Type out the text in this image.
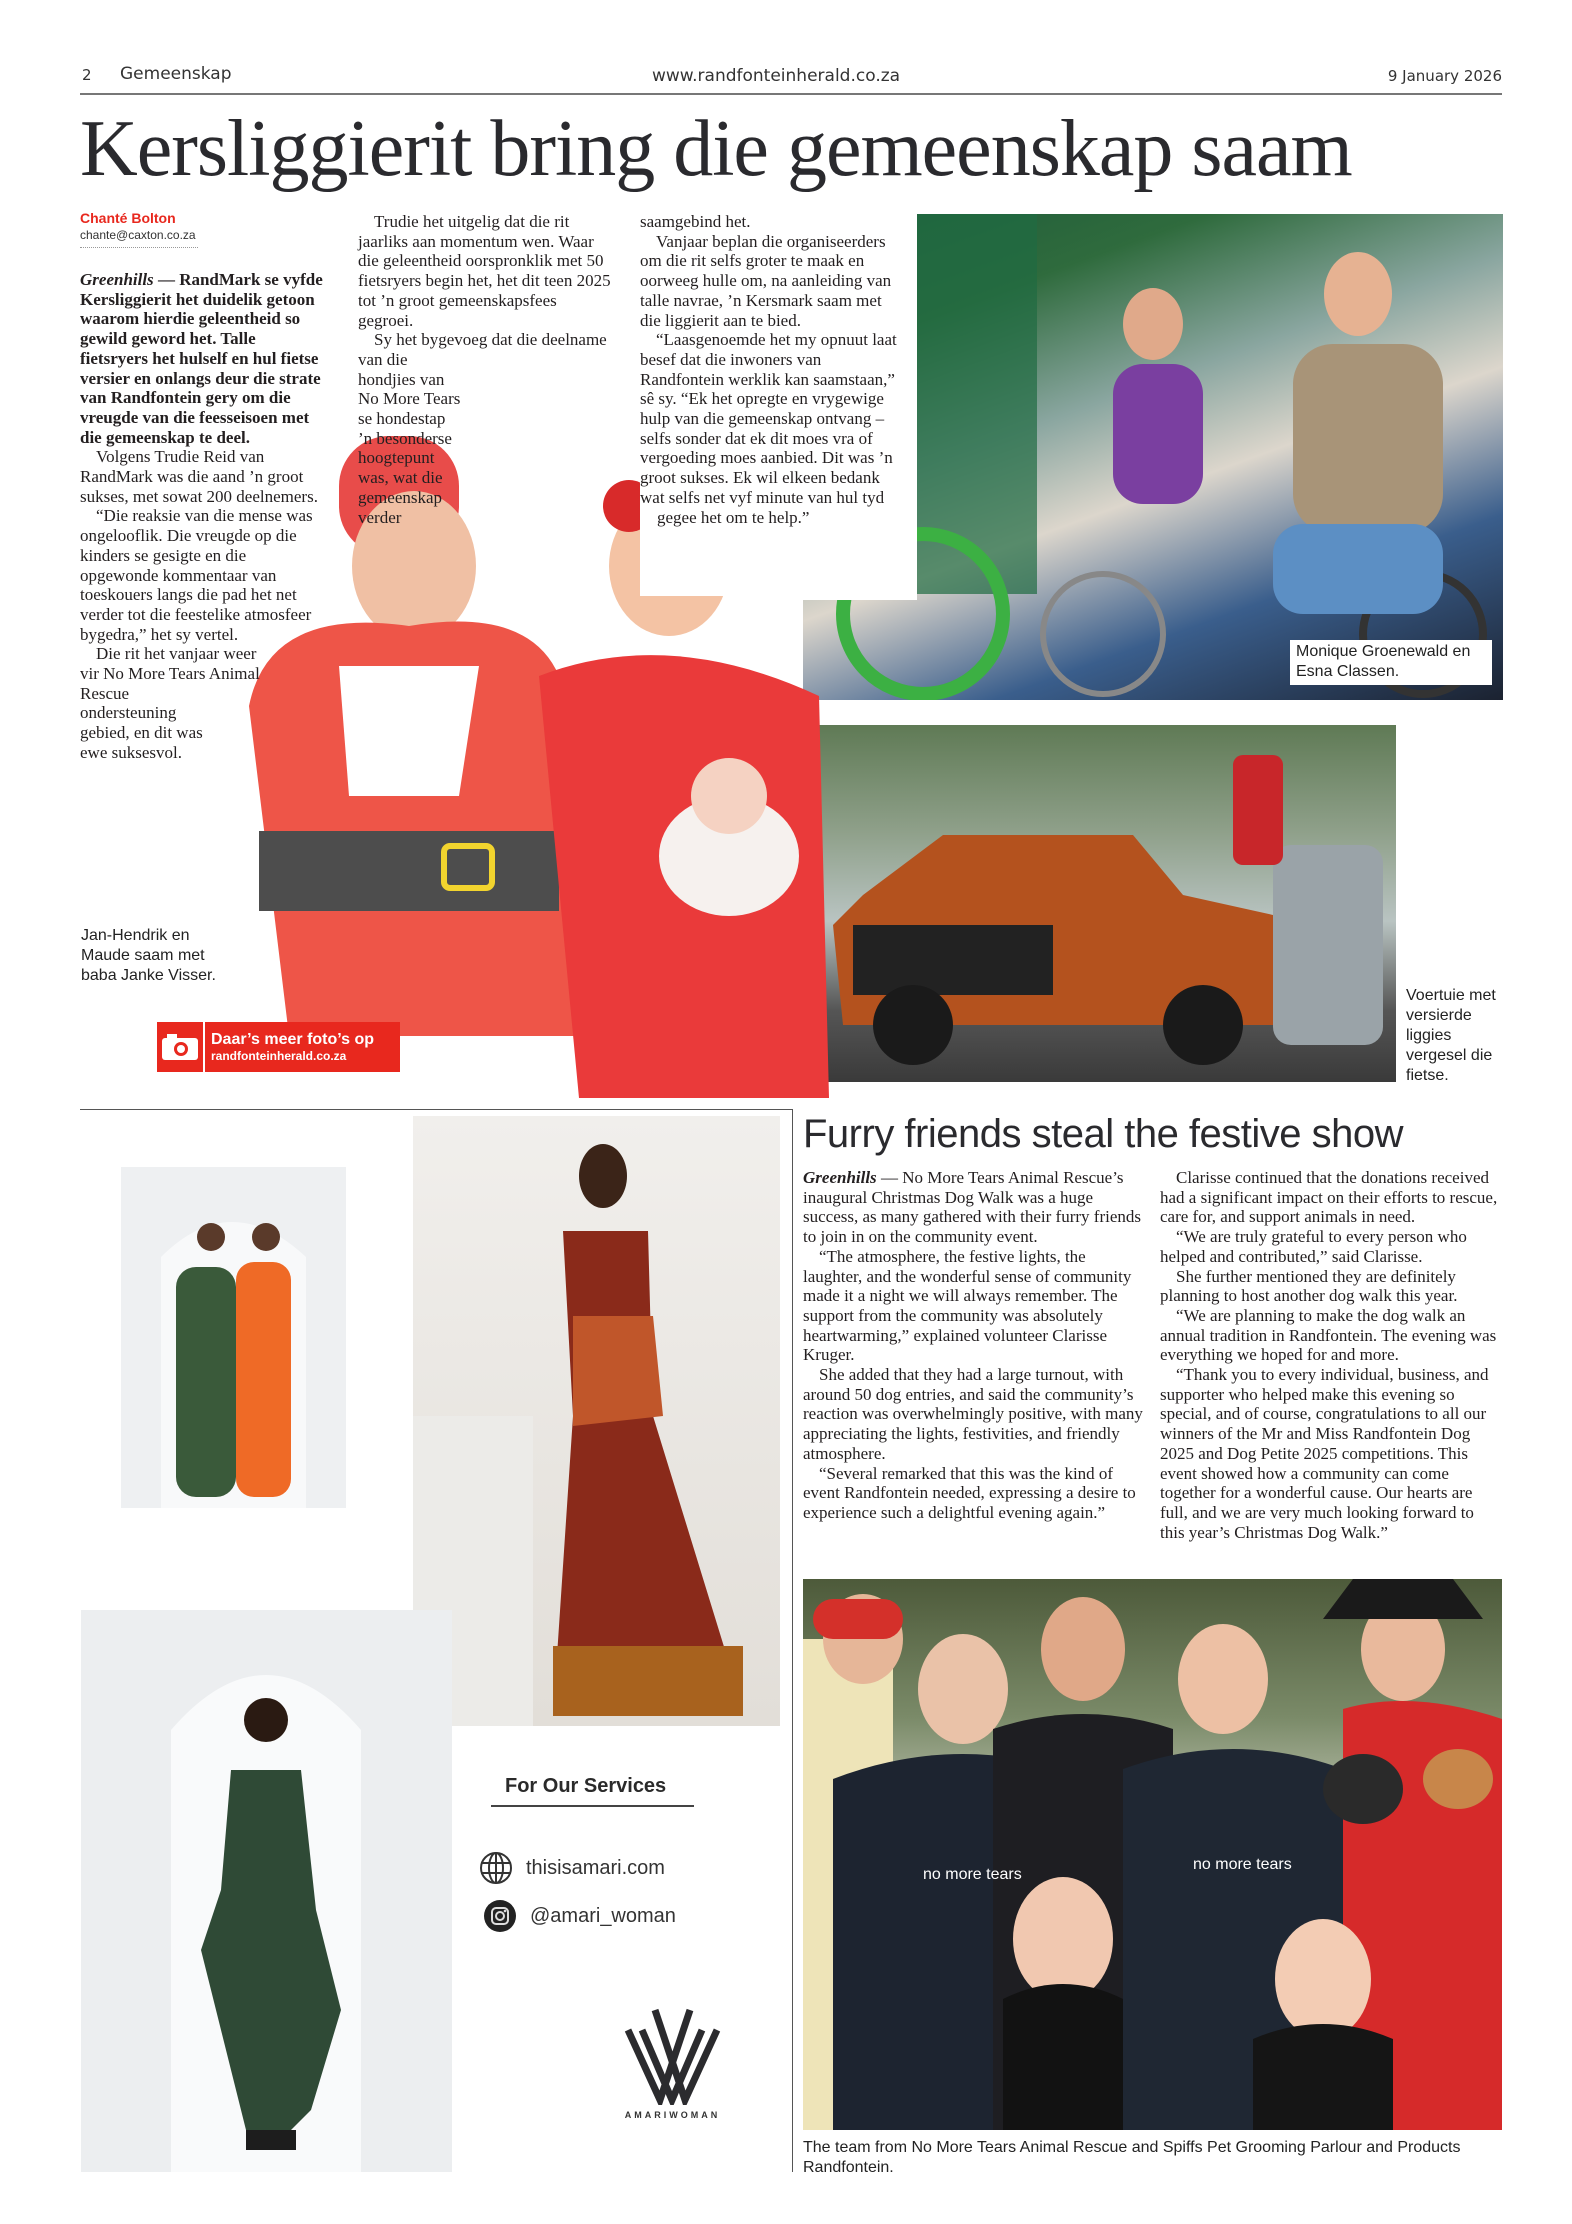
2 Gemeenskap	www.randfonteinherald.co.za	9 January 2026
Kersliggierit bring die gemeenskap saam
Monique Groenewald en Esna Classen.
Voertuie met versierde liggies vergesel die fietse.
Jan-Hendrik en Maude saam met baba Janke Visser.
Daar’s meer foto’s op
randfonteinherald.co.za
Chanté Bolton
chante@caxton.co.za

Greenhills — RandMark se vyfde Kersliggierit het duidelik getoon waarom hierdie geleentheid so gewild geword het. Talle fietsryers het hulself en hul fietse versier en onlangs deur die strate van Randfontein gery om die vreugde van die feesseisoen met die gemeenskap te deel.

Volgens Trudie Reid van RandMark was die aand ’n groot sukses, met sowat 200 deelnemers.

“Die reaksie van die mense was ongelooflik. Die vreugde op die kinders se gesigte en die opgewonde kommentaar van toeskouers langs die pad het net verder tot die feestelike atmosfeer bygedra,” het sy vertel.

Die rit het vanjaar weer vir No More Tears Animal Rescue ondersteuning gebied, en dit was ewe suksesvol.

Trudie het uitgelig dat die rit jaarliks aan momentum wen. Waar die geleentheid oorspronklik met 50 fietsryers begin het, het dit teen 2025 tot ’n groot gemeenskapsfees gegroei.

Sy het bygevoeg dat die deelname van die hondjies van No More Tears se hondestap ’n besonderse hoogtepunt was, wat die gemeenskap verder

saamgebind het.

Vanjaar beplan die organiseerders om die rit selfs groter te maak en oorweeg hulle om, na aanleiding van talle navrae, ’n Kersmark saam met die liggierit aan te bied.

“Laasgenoemde het my opnuut laat besef dat die inwoners van Randfontein werklik kan saamstaan,” sê sy. “Ek het opregte en vrygewige hulp van die gemeenskap ontvang – selfs sonder dat ek dit moes vra of vergoeding moes aanbied. Dit was ’n groot sukses. Ek wil elkeen bedank wat selfs net vyf minute van hul tyd gegee het om te help.”

For Our Services
thisisamari.com
@amari_woman
AMARIWOMAN
Furry friends steal the festive show

Greenhills — No More Tears Animal Rescue’s inaugural Christmas Dog Walk was a huge success, as many gathered with their furry friends to join in on the community event.

“The atmosphere, the festive lights, the laughter, and the wonderful sense of community made it a night we will always remember. The support from the community was absolutely heartwarming,” explained volunteer Clarisse Kruger.

She added that they had a large turnout, with around 50 dog entries, and said the community’s reaction was overwhelmingly positive, with many appreciating the lights, festivities, and friendly atmosphere.

“Several remarked that this was the kind of event Randfontein needed, expressing a desire to experience such a delightful evening again.”

Clarisse continued that the donations received had a significant impact on their efforts to rescue, care for, and support animals in need.

“We are truly grateful to every person who helped and contributed,” said Clarisse.

She further mentioned they are definitely planning to host another dog walk this year.

“We are planning to make the dog walk an annual tradition in Randfontein. The evening was everything we hoped for and more.

“Thank you to every individual, business, and supporter who helped make this evening so special, and of course, congratulations to all our winners of the Mr and Miss Randfontein Dog 2025 and Dog Petite 2025 competitions. This event showed how a community can come together for a wonderful cause. Our hearts are full, and we are very much looking forward to this year’s Christmas Dog Walk.”

no more tears
no more tears
The team from No More Tears Animal Rescue and Spiffs Pet Grooming Parlour and Products Randfontein.
